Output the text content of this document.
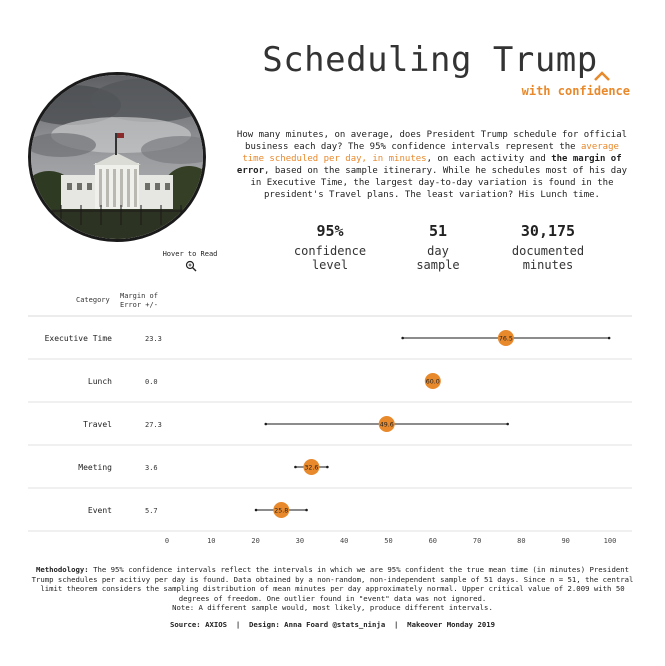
Scheduling Trump
with confidence
How many minutes, on average, does President Trump schedule for official business each day? The 95% confidence intervals represent the average time scheduled per day, in minutes, on each activity and the margin of error, based on the sample itinerary. While he schedules most of his day in Executive Time, the largest day-to-day variation is found in the president's Travel plans. The least variation? His Lunch time.
95%
confidence
level
51
day
sample
30,175
documented
minutes
Hover to Read
Category Margin of
Error +/-
Executive Time	23.3	76.5
Lunch	0.0	60.0
Travel	27.3	49.6
Meeting	3.6	32.6
Event	5.7	25.8
0	10	20	30	40	50	60	70	80	90	100
Methodology: The 95% confidence intervals reflect the intervals in which we are 95% confident the true mean time (in minutes) President Trump schedules per acitivy per day is found. Data obtained by a non-random, non-independent sample of 51 days. Since n = 51, the central limit theorem considers the sampling distribution of mean minutes per day approximately normal. Upper critical value of 2.009 with 50 degrees of freedom. One outlier found in "event" data was not ignored.
Note: A different sample would, most likely, produce different intervals.
Source: AXIOS  |  Design: Anna Foard @stats_ninja  |  Makeover Monday 2019
